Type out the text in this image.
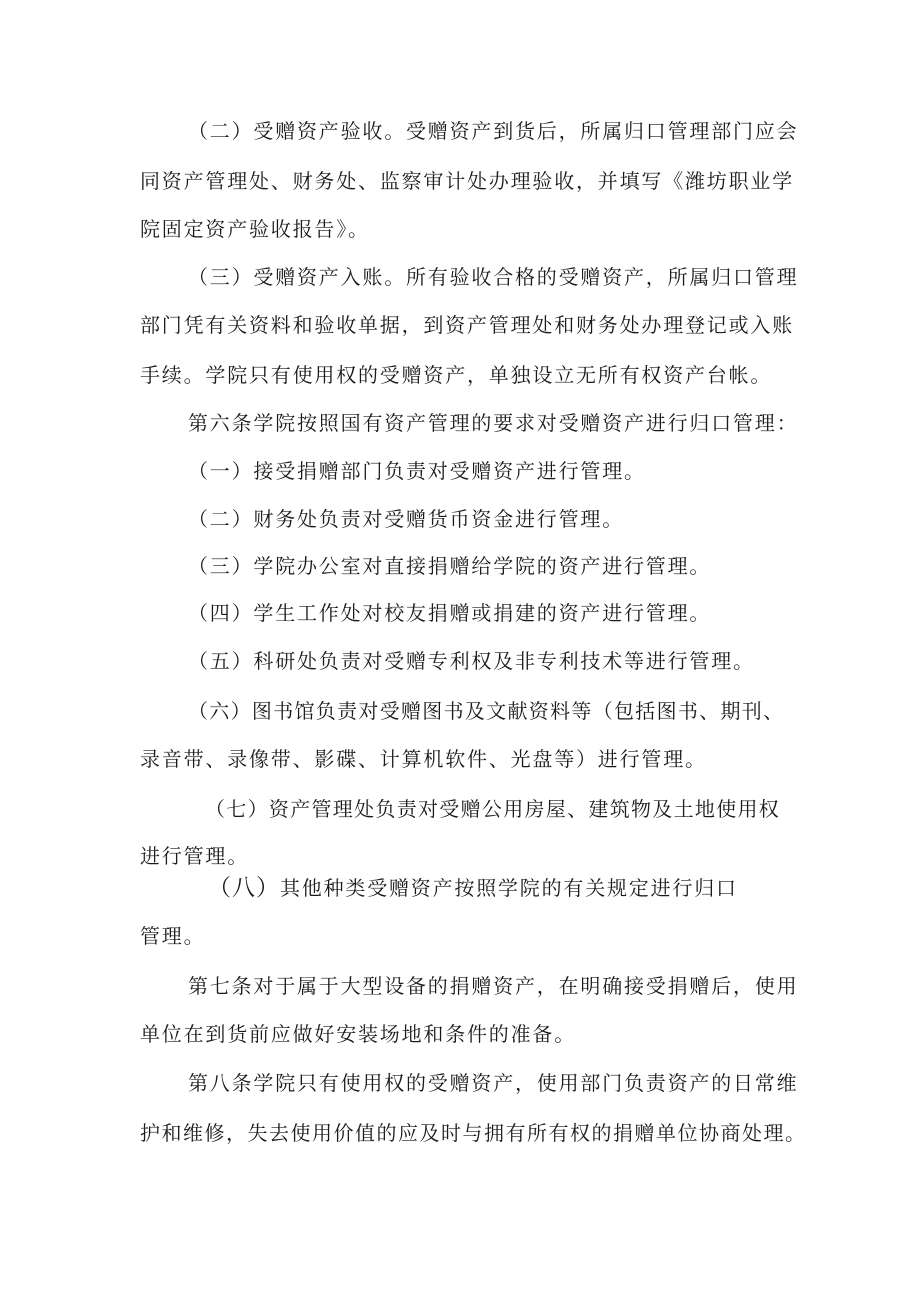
（二）受赠资产验收。受赠资产到货后，所属归口管理部门应会
同资产管理处、财务处、监察审计处办理验收，并填写《潍坊职业学
院固定资产验收报告》。
（三）受赠资产入账。所有验收合格的受赠资产，所属归口管理
部门凭有关资料和验收单据，到资产管理处和财务处办理登记或入账
手续。学院只有使用权的受赠资产，单独设立无所有权资产台帐。
第六条学院按照国有资产管理的要求对受赠资产进行归口管理：
（一）接受捐赠部门负责对受赠资产进行管理。
（二）财务处负责对受赠货币资金进行管理。
（三）学院办公室对直接捐赠给学院的资产进行管理。
（四）学生工作处对校友捐赠或捐建的资产进行管理。
（五）科研处负责对受赠专利权及非专利技术等进行管理。
（六）图书馆负责对受赠图书及文献资料等（包括图书、期刊、
录音带、录像带、影碟、计算机软件、光盘等）进行管理。
（七）资产管理处负责对受赠公用房屋、建筑物及土地使用权
进行管理。
（八）其他种类受赠资产按照学院的有关规定进行归口
管理。
第七条对于属于大型设备的捐赠资产，在明确接受捐赠后，使用
单位在到货前应做好安装场地和条件的准备。
第八条学院只有使用权的受赠资产，使用部门负责资产的日常维
护和维修，失去使用价值的应及时与拥有所有权的捐赠单位协商处理。
